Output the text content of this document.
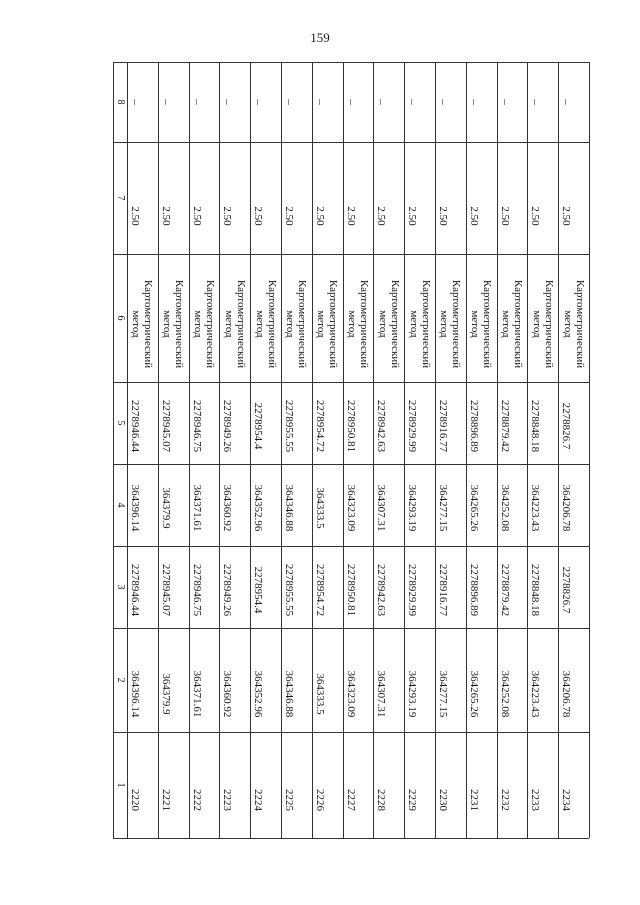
159
1
2
3
4
5
6
7
8
2220
364396.14
2278946.44
364396.14
2278946.44
Картометрический метод
2.50
–
2221
364379.9
2278945.07
364379.9
2278945.07
Картометрический метод
2.50
–
2222
364371.61
2278946.75
364371.61
2278946.75
Картометрический метод
2.50
–
2223
364360.92
2278949.26
364360.92
2278949.26
Картометрический метод
2.50
–
2224
364352.96
2278954.4
364352.96
2278954.4
Картометрический метод
2.50
–
2225
364346.88
2278955.55
364346.88
2278955.55
Картометрический метод
2.50
–
2226
364333.5
2278954.72
364333.5
2278954.72
Картометрический метод
2.50
–
2227
364323.09
2278950.81
364323.09
2278950.81
Картометрический метод
2.50
–
2228
364307.31
2278942.63
364307.31
2278942.63
Картометрический метод
2.50
–
2229
364293.19
2278929.99
364293.19
2278929.99
Картометрический метод
2.50
–
2230
364277.15
2278916.77
364277.15
2278916.77
Картометрический метод
2.50
–
2231
364265.26
2278896.89
364265.26
2278896.89
Картометрический метод
2.50
–
2232
364252.08
2278879.42
364252.08
2278879.42
Картометрический метод
2.50
–
2233
364223.43
2278848.18
364223.43
2278848.18
Картометрический метод
2.50
–
2234
364206.78
2278826.7
364206.78
2278826.7
Картометрический метод
2.50
–
